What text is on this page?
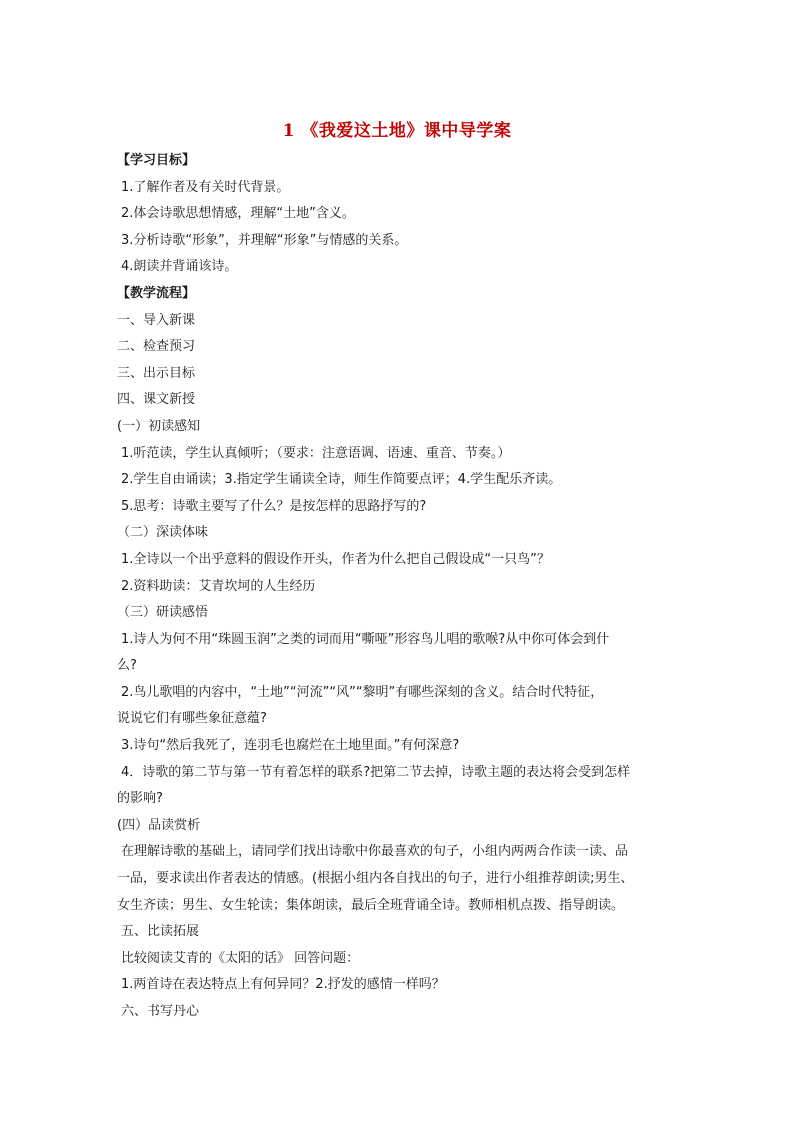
1 《我爱这土地》课中导学案
【学习目标】
1.了解作者及有关时代背景。
2.体会诗歌思想情感，理解“土地”含义。
3.分析诗歌“形象”，并理解“形象”与情感的关系。
4.朗读并背诵该诗。
【教学流程】
一、导入新课
二、检查预习
三、出示目标
四、课文新授
(一）初读感知
1.听范读，学生认真倾听；（要求：注意语调、语速、重音、节奏。）
2.学生自由诵读；3.指定学生诵读全诗，师生作简要点评；4.学生配乐齐读。
5.思考：诗歌主要写了什么？是按怎样的思路抒写的?
（二）深读体味
1.全诗以一个出乎意料的假设作开头，作者为什么把自己假设成“一只鸟”？
2.资料助读：艾青坎坷的人生经历
（三）研读感悟
1.诗人为何不用“珠圆玉润”之类的词而用“嘶哑”形容鸟儿唱的歌喉?从中你可体会到什
么?
2.鸟儿歌唱的内容中，“土地”“河流”“风”“黎明”有哪些深刻的含义。结合时代特征，
说说它们有哪些象征意蕴?
3.诗句“然后我死了，连羽毛也腐烂在土地里面。”有何深意?
4．诗歌的第二节与第一节有着怎样的联系?把第二节去掉，诗歌主题的表达将会受到怎样
的影响?
(四）品读赏析
在理解诗歌的基础上，请同学们找出诗歌中你最喜欢的句子，小组内两两合作读一读、品
一品，要求读出作者表达的情感。(根据小组内各自找出的句子，进行小组推荐朗读;男生、
女生齐读；男生、女生轮读；集体朗读，最后全班背诵全诗。教师相机点拨、指导朗读。
五、比读拓展
比较阅读艾青的《太阳的话》 回答问题：
1.两首诗在表达特点上有何异同？2.抒发的感情一样吗？
六、书写丹心
